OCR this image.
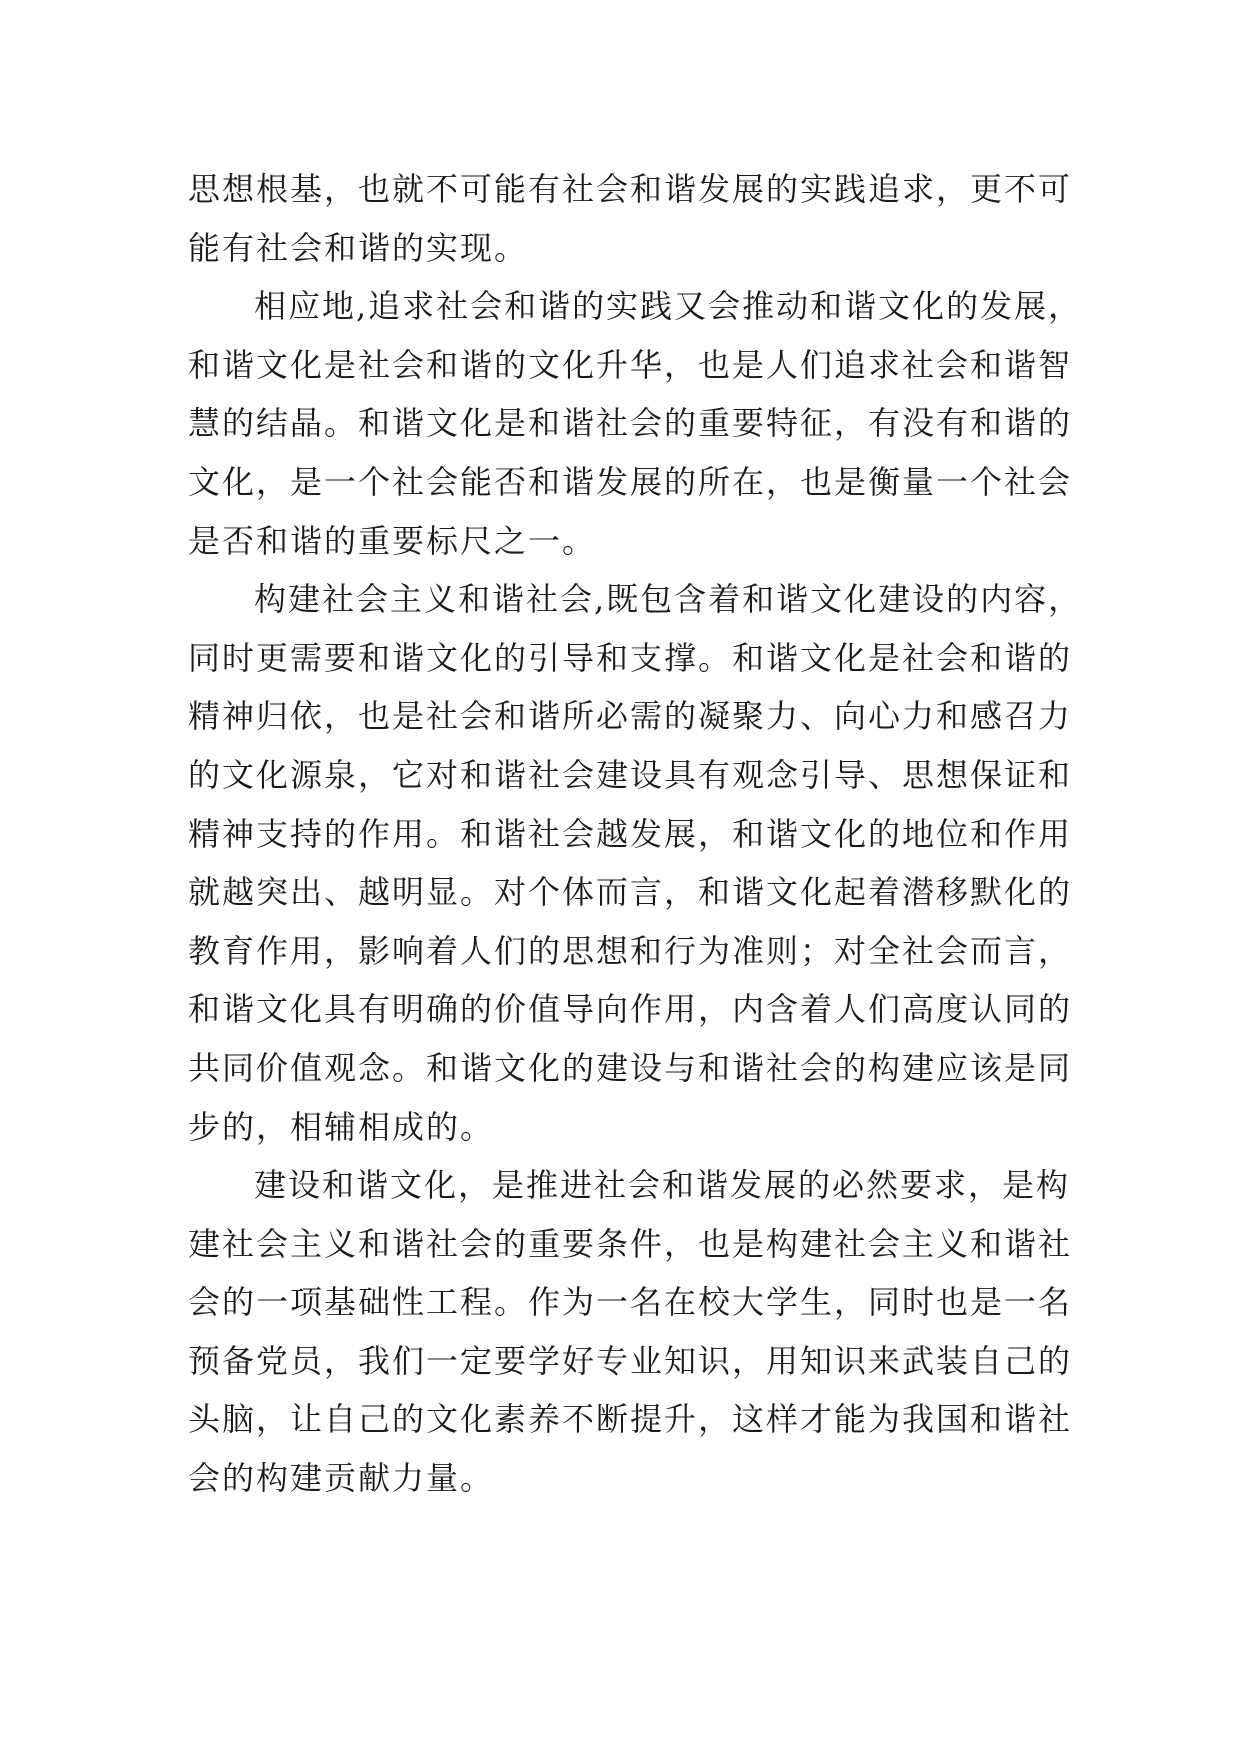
思想根基，也就不可能有社会和谐发展的实践追求，更不可
能有社会和谐的实现。
相应地,追求社会和谐的实践又会推动和谐文化的发展，
和谐文化是社会和谐的文化升华，也是人们追求社会和谐智
慧的结晶。和谐文化是和谐社会的重要特征，有没有和谐的
文化，是一个社会能否和谐发展的所在，也是衡量一个社会
是否和谐的重要标尺之一。
构建社会主义和谐社会,既包含着和谐文化建设的内容，
同时更需要和谐文化的引导和支撑。和谐文化是社会和谐的
精神归依，也是社会和谐所必需的凝聚力、向心力和感召力
的文化源泉，它对和谐社会建设具有观念引导、思想保证和
精神支持的作用。和谐社会越发展，和谐文化的地位和作用
就越突出、越明显。对个体而言，和谐文化起着潜移默化的
教育作用，影响着人们的思想和行为准则；对全社会而言，
和谐文化具有明确的价值导向作用，内含着人们高度认同的
共同价值观念。和谐文化的建设与和谐社会的构建应该是同
步的，相辅相成的。
建设和谐文化，是推进社会和谐发展的必然要求，是构
建社会主义和谐社会的重要条件，也是构建社会主义和谐社
会的一项基础性工程。作为一名在校大学生，同时也是一名
预备党员，我们一定要学好专业知识，用知识来武装自己的
头脑，让自己的文化素养不断提升，这样才能为我国和谐社
会的构建贡献力量。
